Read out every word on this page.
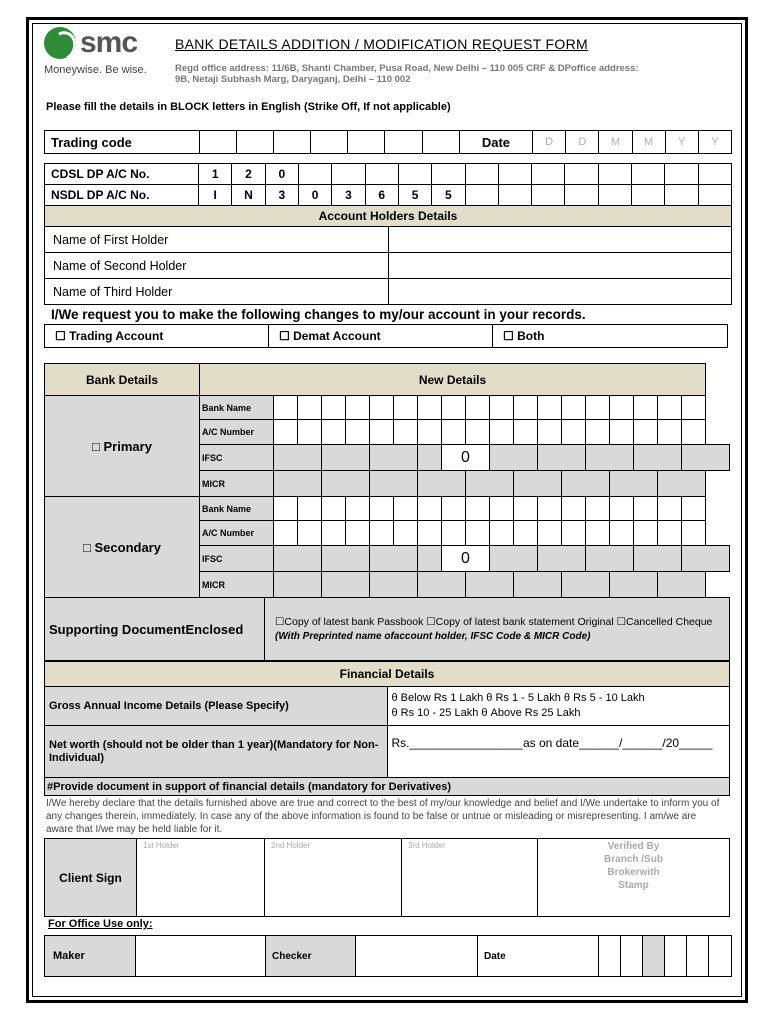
smc
Moneywise. Be wise.
BANK DETAILS ADDITION / MODIFICATION REQUEST FORM
Regd office address: 11/6B, Shanti Chamber, Pusa Road, New Delhi – 110 005 CRF & DPoffice address:
9B, Netaji Subhash Marg, Daryaganj, Delhi – 110 002
Please fill the details in BLOCK letters in English (Strike Off, If not applicable)
Trading code								Date	D	D	M	M	Y	Y
CDSL DP A/C No.	1	2	0													
NSDL DP A/C No.	I	N	3	0	3	6	5	5								
Account Holders Details	
Name of First Holder	
Name of Second Holder	
Name of Third Holder	
I/We request you to make the following changes to my/our account in your records.
☐ Trading Account	☐ Demat Account	☐ Both
Bank Details	New Details																		
□ Primary	Bank Name																		
	A/C Number																		
	IFSC								0										
	MICR																		
□ Secondary	Bank Name																		
	A/C Number																		
	IFSC								0										
	MICR																		
Supporting DocumentEnclosed	☐Copy of latest bank Passbook ☐Copy of latest bank statement Original ☐Cancelled Cheque
(With Preprinted name ofaccount holder, IFSC Code & MICR Code)
Financial Details	
Gross Annual Income Details (Please Specify)	θ Below Rs 1 Lakh θ Rs 1 - 5 Lakh θ Rs 5 - 10 Lakh
θ Rs 10 - 25 Lakh θ Above Rs 25 Lakh

Net worth (should not be older than 1 year)(Mandatory for Non- Individual)	Rs._________________as on date______/______/20_____
#Provide document in support of financial details (mandatory for Derivatives)	
I/We hereby declare that the details furnished above are true and correct to the best of my/our knowledge and belief and I/We undertake to inform you of any changes therein, immediately. In case any of the above information is found to be false or untrue or misleading or misrepresenting. I am/we are aware that I/we may be held liable for it.
Client Sign	1st Holder	2nd Holder	3rd Holder	Verified By Branch /Sub Brokerwith Stamp
For Office Use only:
Maker		Checker		Date						
